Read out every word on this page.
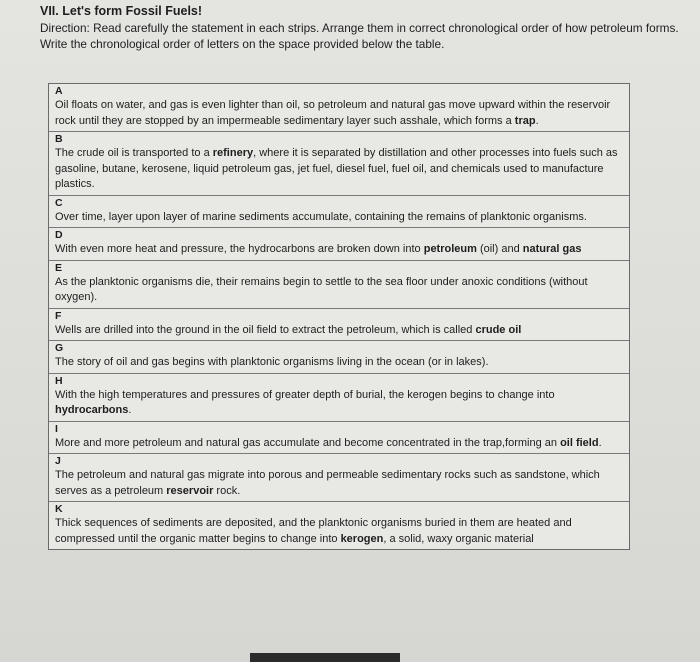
VII. Let's form Fossil Fuels!
Direction: Read carefully the statement in each strips. Arrange them in correct chronological order of how petroleum forms. Write the chronological order of letters on the space provided below the table.
A
Oil floats on water, and gas is even lighter than oil, so petroleum and natural gas move upward within the reservoir rock until they are stopped by an impermeable sedimentary layer such asshale, which forms a trap.
B
The crude oil is transported to a refinery, where it is separated by distillation and other processes into fuels such as gasoline, butane, kerosene, liquid petroleum gas, jet fuel, diesel fuel, fuel oil, and chemicals used to manufacture plastics.
C
Over time, layer upon layer of marine sediments accumulate, containing the remains of planktonic organisms.
D
With even more heat and pressure, the hydrocarbons are broken down into petroleum (oil) and natural gas
E
As the planktonic organisms die, their remains begin to settle to the sea floor under anoxic conditions (without oxygen).
F
Wells are drilled into the ground in the oil field to extract the petroleum, which is called crude oil
G
The story of oil and gas begins with planktonic organisms living in the ocean (or in lakes).
H
With the high temperatures and pressures of greater depth of burial, the kerogen begins to change into hydrocarbons.
I
More and more petroleum and natural gas accumulate and become concentrated in the trap,forming an oil field.
J
The petroleum and natural gas migrate into porous and permeable sedimentary rocks such as sandstone, which serves as a petroleum reservoir rock.
K
Thick sequences of sediments are deposited, and the planktonic organisms buried in them are heated and compressed until the organic matter begins to change into kerogen, a solid, waxy organic material
